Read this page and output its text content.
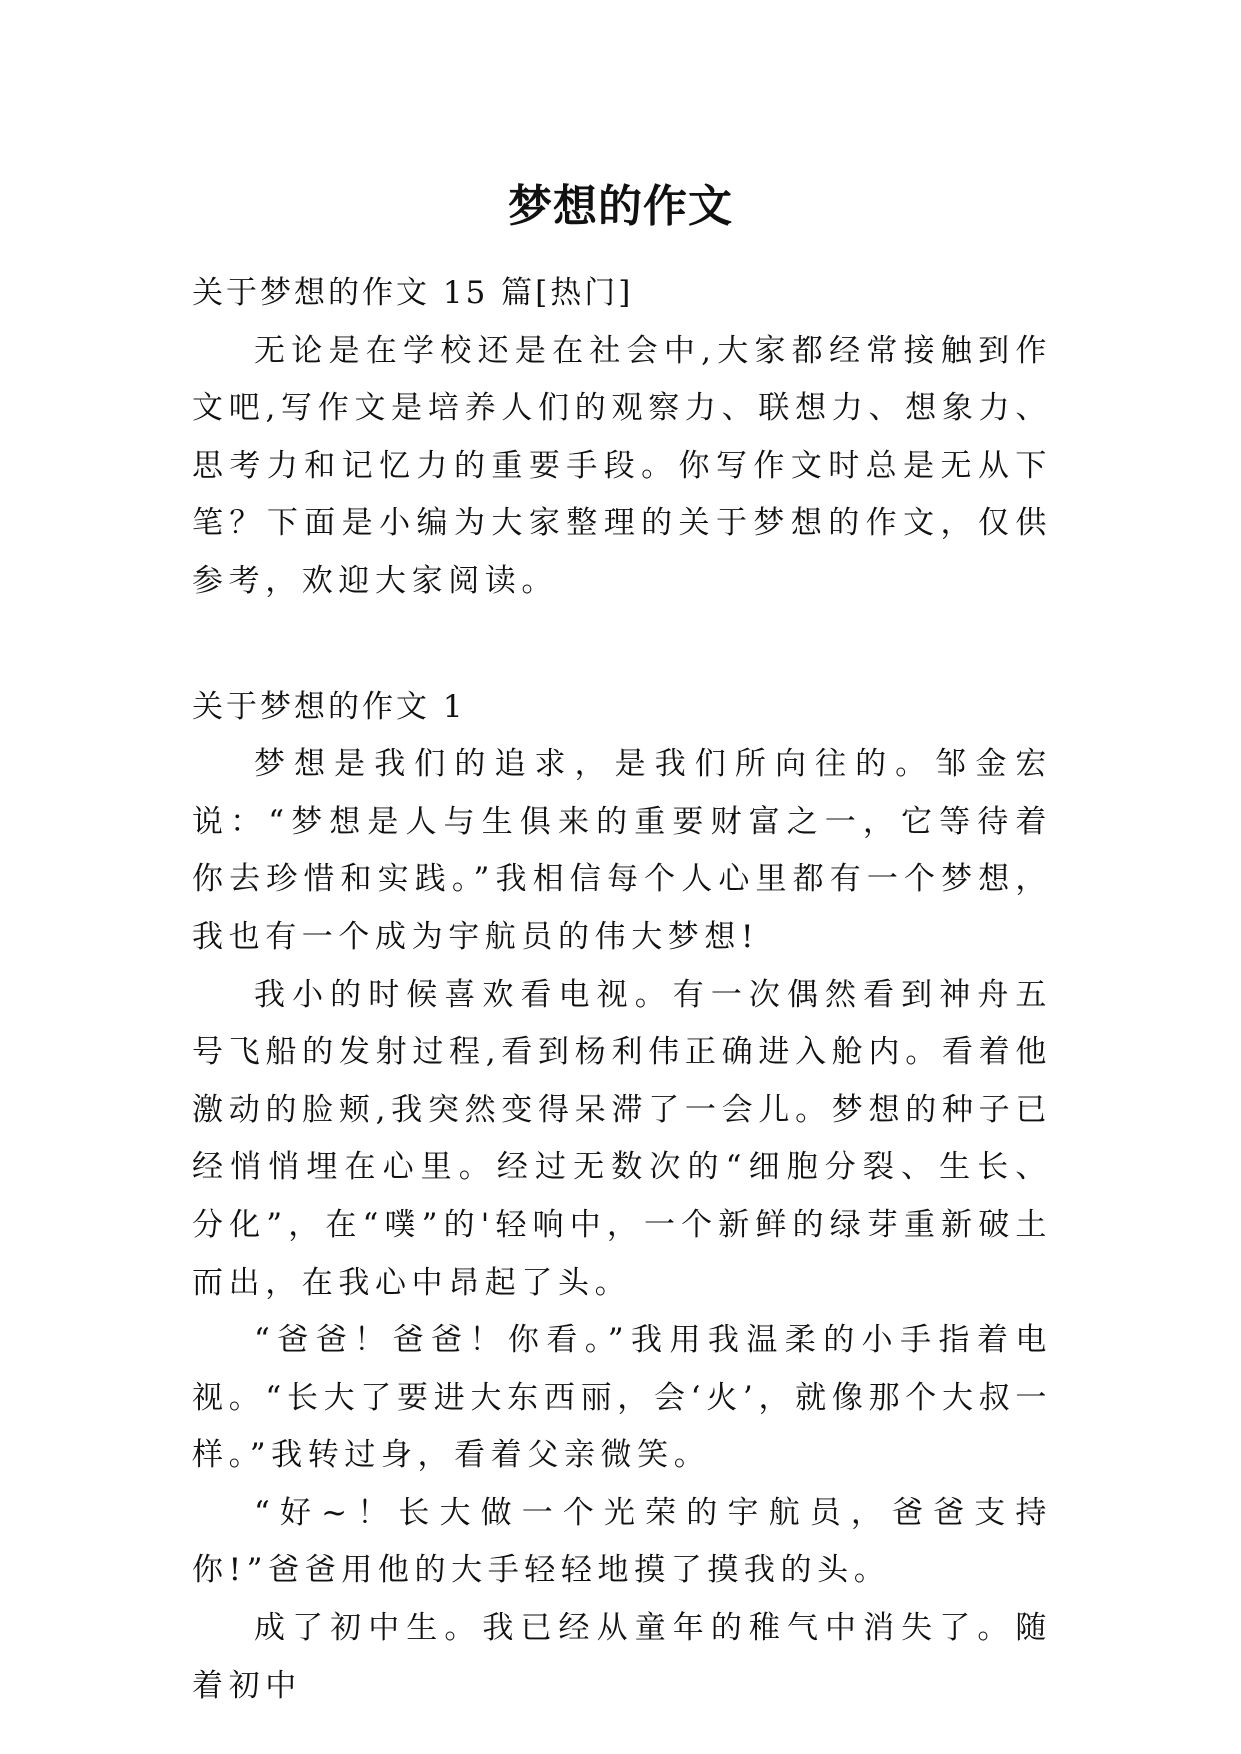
梦想的作文

关于梦想的作文 15 篇[热门]

无论是在学校还是在社会中,大家都经常接触到作文吧,写作文是培养人们的观察力、联想力、想象力、思考力和记忆力的重要手段。你写作文时总是无从下笔？下面是小编为大家整理的关于梦想的作文，仅供参考，欢迎大家阅读。

关于梦想的作文 1

梦想是我们的追求，是我们所向往的。邹金宏说：“梦想是人与生俱来的重要财富之一，它等待着你去珍惜和实践。”我相信每个人心里都有一个梦想，我也有一个成为宇航员的伟大梦想!

我小的时候喜欢看电视。有一次偶然看到神舟五号飞船的发射过程,看到杨利伟正确进入舱内。看着他激动的脸颊,我突然变得呆滞了一会儿。梦想的种子已经悄悄埋在心里。经过无数次的“细胞分裂、生长、分化”，在“噗”的'轻响中，一个新鲜的绿芽重新破土而出，在我心中昂起了头。

“爸爸！爸爸！你看。”我用我温柔的小手指着电视。“长大了要进大东西丽，会‘火’，就像那个大叔一样。”我转过身，看着父亲微笑。

“好~！长大做一个光荣的宇航员，爸爸支持你!”爸爸用他的大手轻轻地摸了摸我的头。

成了初中生。我已经从童年的稚气中消失了。随着初中
